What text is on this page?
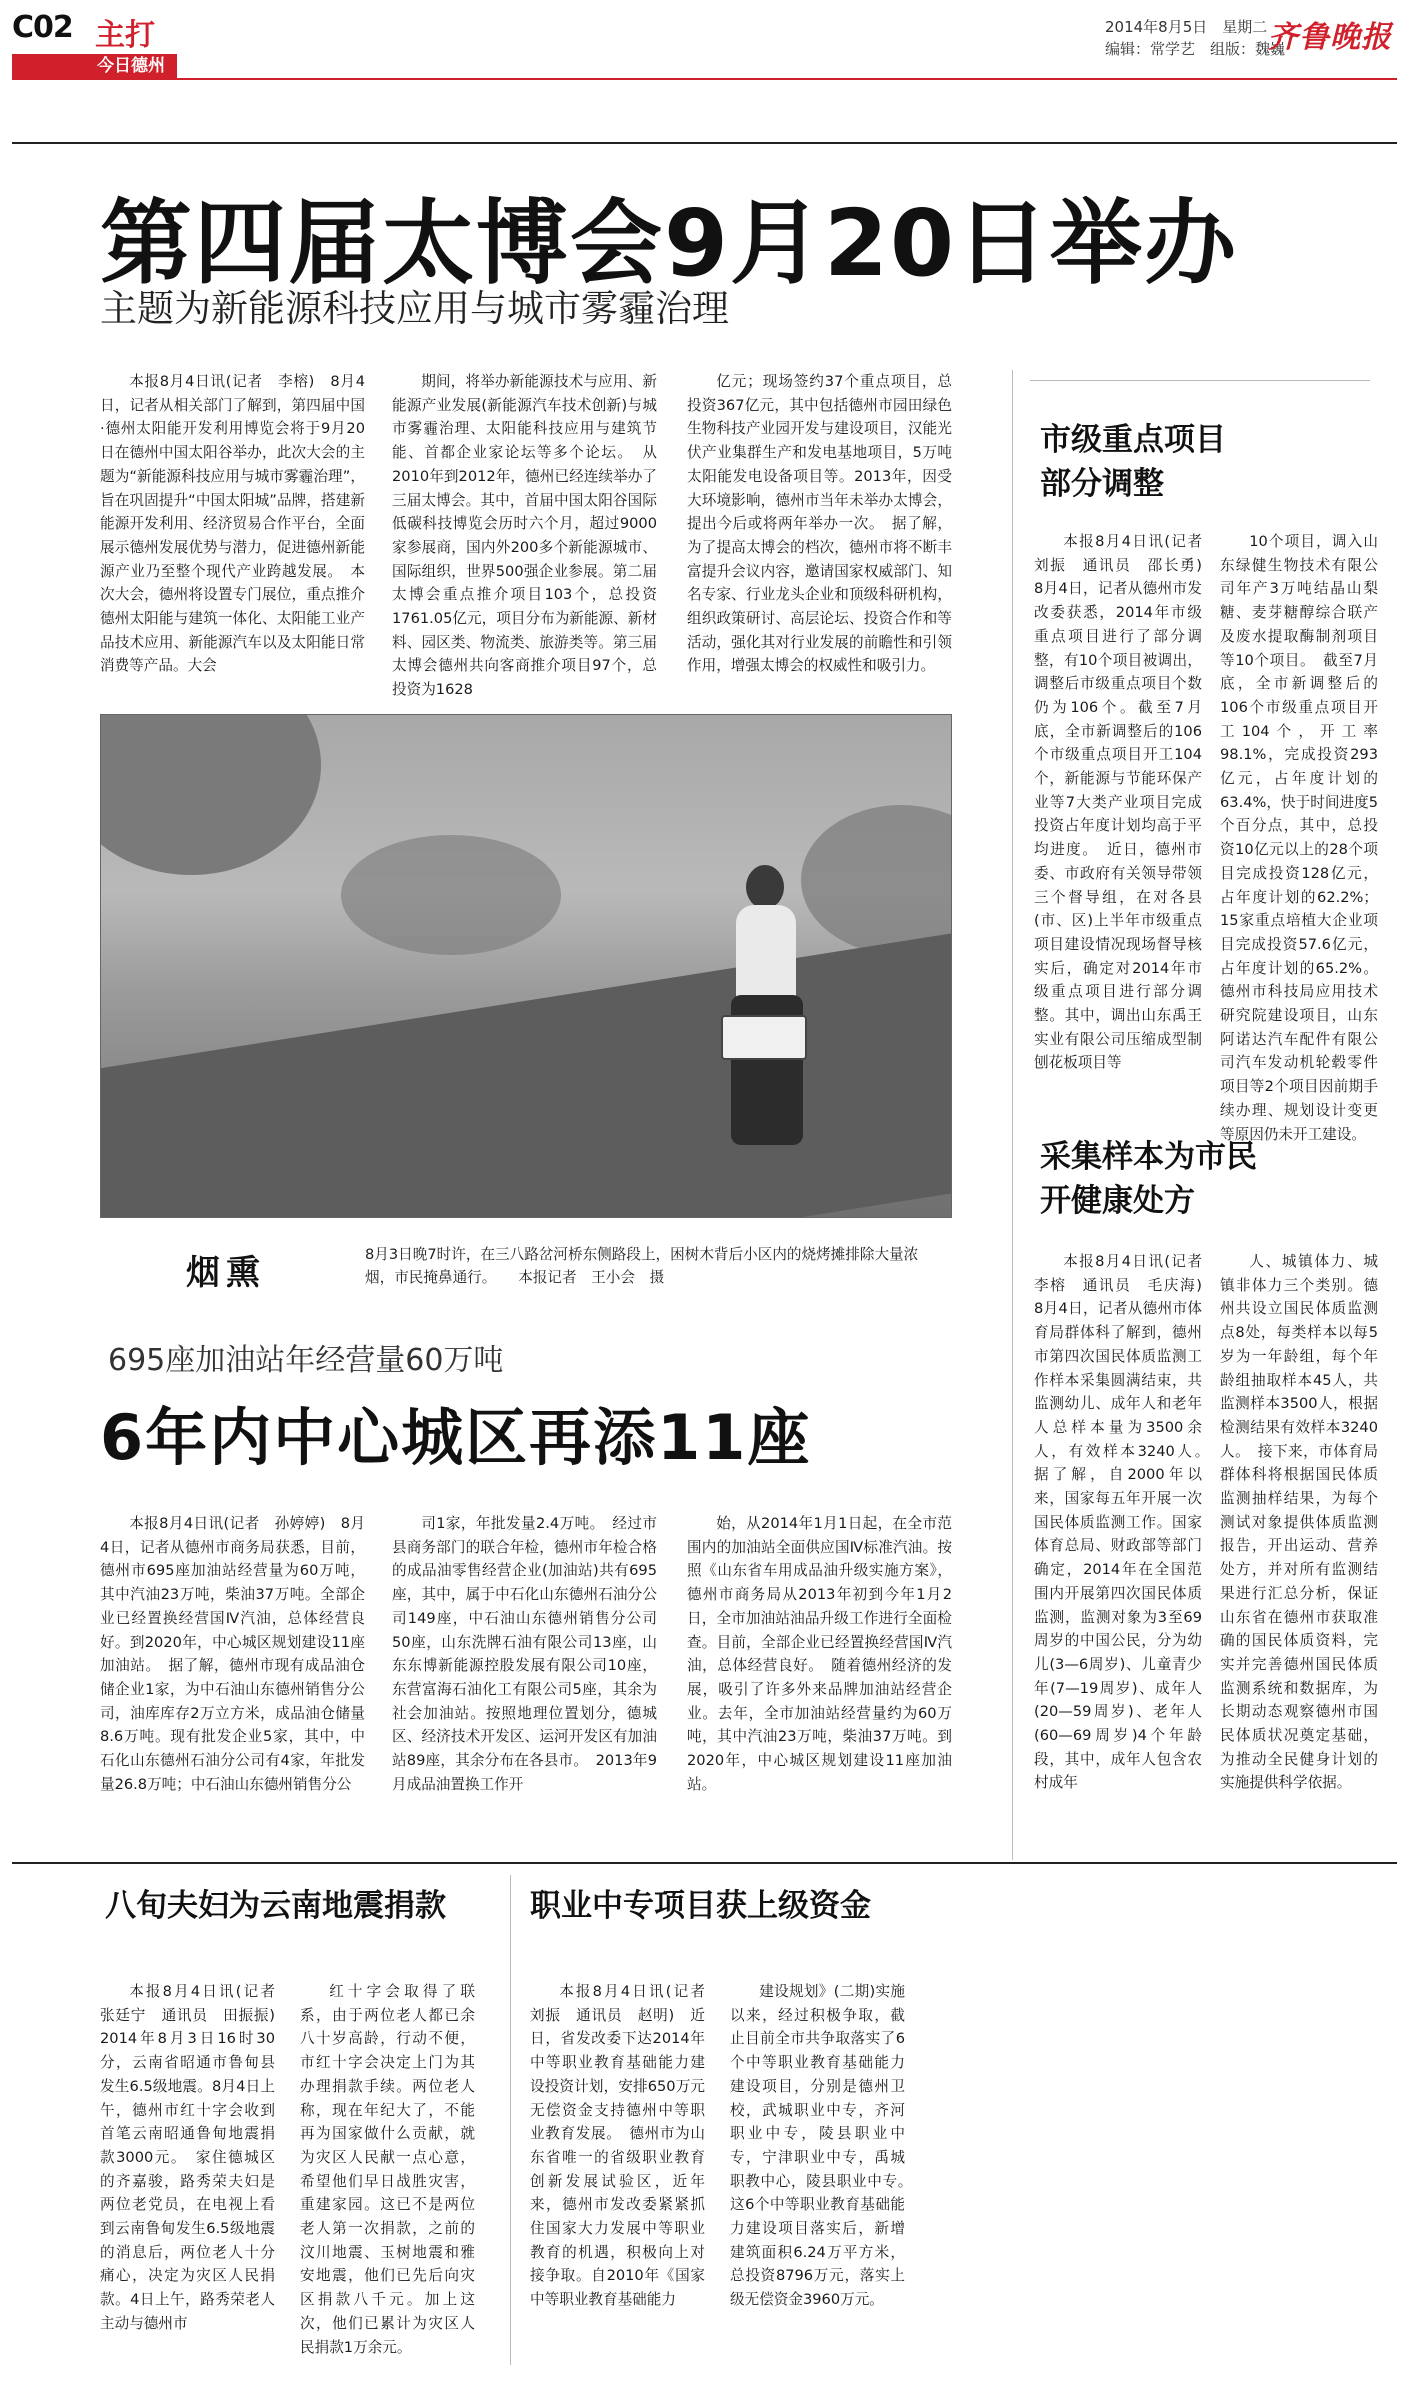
C02 主打
今日德州
2014年8月5日　星期二
编辑：常学艺　组版：魏巍
齐鲁晚报
第四届太博会9月20日举办
主题为新能源科技应用与城市雾霾治理

本报8月4日讯(记者　李榕)　8月4日，记者从相关部门了解到，第四届中国·德州太阳能开发利用博览会将于9月20日在德州中国太阳谷举办，此次大会的主题为“新能源科技应用与城市雾霾治理”，旨在巩固提升“中国太阳城”品牌，搭建新能源开发利用、经济贸易合作平台，全面展示德州发展优势与潜力，促进德州新能源产业乃至整个现代产业跨越发展。　本次大会，德州将设置专门展位，重点推介德州太阳能与建筑一体化、太阳能工业产品技术应用、新能源汽车以及太阳能日常消费等产品。大会

期间，将举办新能源技术与应用、新能源产业发展(新能源汽车技术创新)与城市雾霾治理、太阳能科技应用与建筑节能、首都企业家论坛等多个论坛。　从2010年到2012年，德州已经连续举办了三届太博会。其中，首届中国太阳谷国际低碳科技博览会历时六个月，超过9000家参展商，国内外200多个新能源城市、国际组织，世界500强企业参展。第二届太博会重点推介项目103个，总投资1761.05亿元，项目分布为新能源、新材料、园区类、物流类、旅游类等。第三届太博会德州共向客商推介项目97个，总投资为1628

亿元；现场签约37个重点项目，总投资367亿元，其中包括德州市园田绿色生物科技产业园开发与建设项目，汉能光伏产业集群生产和发电基地项目，5万吨太阳能发电设备项目等。2013年，因受大环境影响，德州市当年未举办太博会，提出今后或将两年举办一次。　据了解，为了提高太博会的档次，德州市将不断丰富提升会议内容，邀请国家权威部门、知名专家、行业龙头企业和顶级科研机构，组织政策研讨、高层论坛、投资合作和等活动，强化其对行业发展的前瞻性和引领作用，增强太博会的权威性和吸引力。

市级重点项目部分调整

本报8月4日讯(记者　刘振　通讯员　邵长勇)　8月4日，记者从德州市发改委获悉，2014年市级重点项目进行了部分调整，有10个项目被调出，调整后市级重点项目个数仍为106个。截至7月底，全市新调整后的106个市级重点项目开工104个，新能源与节能环保产业等7大类产业项目完成投资占年度计划均高于平均进度。　近日，德州市委、市政府有关领导带领三个督导组，在对各县(市、区)上半年市级重点项目建设情况现场督导核实后，确定对2014年市级重点项目进行部分调整。其中，调出山东禹王实业有限公司压缩成型制刨花板项目等

10个项目，调入山东绿健生物技术有限公司年产3万吨结晶山梨糖、麦芽糖醇综合联产及废水提取酶制剂项目等10个项目。　截至7月底，全市新调整后的106个市级重点项目开工104个，开工率98.1%，完成投资293亿元，占年度计划的63.4%，快于时间进度5个百分点，其中，总投资10亿元以上的28个项目完成投资128亿元，占年度计划的62.2%；15家重点培植大企业项目完成投资57.6亿元，占年度计划的65.2%。德州市科技局应用技术研究院建设项目，山东阿诺达汽车配件有限公司汽车发动机轮毂零件项目等2个项目因前期手续办理、规划设计变更等原因仍未开工建设。

烟熏	8月3日晚7时许，在三八路岔河桥东侧路段上，困树木背后小区内的烧烤摊排除大量浓烟，市民掩鼻通行。　　本报记者　王小会　摄
采集样本为市民开健康处方

本报8月4日讯(记者　李榕　通讯员　毛庆海)　8月4日，记者从德州市体育局群体科了解到，德州市第四次国民体质监测工作样本采集圆满结束，共监测幼儿、成年人和老年人总样本量为3500余人，有效样本3240人。　据了解，自2000年以来，国家每五年开展一次国民体质监测工作。国家体育总局、财政部等部门确定，2014年在全国范围内开展第四次国民体质监测，监测对象为3至69周岁的中国公民，分为幼儿(3—6周岁)、儿童青少年(7—19周岁)、成年人(20—59周岁)、老年人(60—69周岁)4个年龄段，其中，成年人包含农村成年

人、城镇体力、城镇非体力三个类别。德州共设立国民体质监测点8处，每类样本以每5岁为一年龄组，每个年龄组抽取样本45人，共监测样本3500人，根据检测结果有效样本3240人。　接下来，市体育局群体科将根据国民体质监测抽样结果，为每个测试对象提供体质监测报告，开出运动、营养处方，并对所有监测结果进行汇总分析，保证山东省在德州市获取准确的国民体质资料，完实并完善德州国民体质监测系统和数据库，为长期动态观察德州市国民体质状况奠定基础，为推动全民健身计划的实施提供科学依据。

695座加油站年经营量60万吨
6年内中心城区再添11座

本报8月4日讯(记者　孙婷婷)　8月4日，记者从德州市商务局获悉，目前，德州市695座加油站经营量为60万吨，其中汽油23万吨，柴油37万吨。全部企业已经置换经营国Ⅳ汽油，总体经营良好。到2020年，中心城区规划建设11座加油站。　据了解，德州市现有成品油仓储企业1家，为中石油山东德州销售分公司，油库库存2万立方米，成品油仓储量8.6万吨。现有批发企业5家，其中，中石化山东德州石油分公司有4家，年批发量26.8万吨；中石油山东德州销售分公

司1家，年批发量2.4万吨。　经过市县商务部门的联合年检，德州市年检合格的成品油零售经营企业(加油站)共有695座，其中，属于中石化山东德州石油分公司149座，中石油山东德州销售分公司50座，山东洗牌石油有限公司13座，山东东博新能源控股发展有限公司10座，东营富海石油化工有限公司5座，其余为社会加油站。按照地理位置划分，德城区、经济技术开发区、运河开发区有加油站89座，其余分布在各县市。　2013年9月成品油置换工作开

始，从2014年1月1日起，在全市范围内的加油站全面供应国Ⅳ标准汽油。按照《山东省车用成品油升级实施方案》，德州市商务局从2013年初到今年1月2日，全市加油站油品升级工作进行全面检查。目前，全部企业已经置换经营国Ⅳ汽油，总体经营良好。　随着德州经济的发展，吸引了许多外来品牌加油站经营企业。去年，全市加油站经营量约为60万吨，其中汽油23万吨，柴油37万吨。到2020年，中心城区规划建设11座加油站。

八旬夫妇为云南地震捐款

本报8月4日讯(记者　张廷宁　通讯员　田振振)　2014年8月3日16时30分，云南省昭通市鲁甸县发生6.5级地震。8月4日上午，德州市红十字会收到首笔云南昭通鲁甸地震捐款3000元。　家住德城区的齐嘉骏，路秀荣夫妇是两位老党员，在电视上看到云南鲁甸发生6.5级地震的消息后，两位老人十分痛心，决定为灾区人民捐款。4日上午，路秀荣老人主动与德州市

红十字会取得了联系，由于两位老人都已余八十岁高龄，行动不便，市红十字会决定上门为其办理捐款手续。两位老人称，现在年纪大了，不能再为国家做什么贡献，就为灾区人民献一点心意，希望他们早日战胜灾害，重建家园。这已不是两位老人第一次捐款，之前的汶川地震、玉树地震和雅安地震，他们已先后向灾区捐款八千元。加上这次，他们已累计为灾区人民捐款1万余元。

职业中专项目获上级资金

本报8月4日讯(记者　刘振　通讯员　赵明)　近日，省发改委下达2014年中等职业教育基础能力建设投资计划，安排650万元无偿资金支持德州中等职业教育发展。　德州市为山东省唯一的省级职业教育创新发展试验区，近年来，德州市发改委紧紧抓住国家大力发展中等职业教育的机遇，积极向上对接争取。自2010年《国家中等职业教育基础能力

建设规划》(二期)实施以来，经过积极争取，截止目前全市共争取落实了6个中等职业教育基础能力建设项目，分别是德州卫校，武城职业中专，齐河职业中专，陵县职业中专，宁津职业中专，禹城职教中心，陵县职业中专。　这6个中等职业教育基础能力建设项目落实后，新增建筑面积6.24万平方米，总投资8796万元，落实上级无偿资金3960万元。
